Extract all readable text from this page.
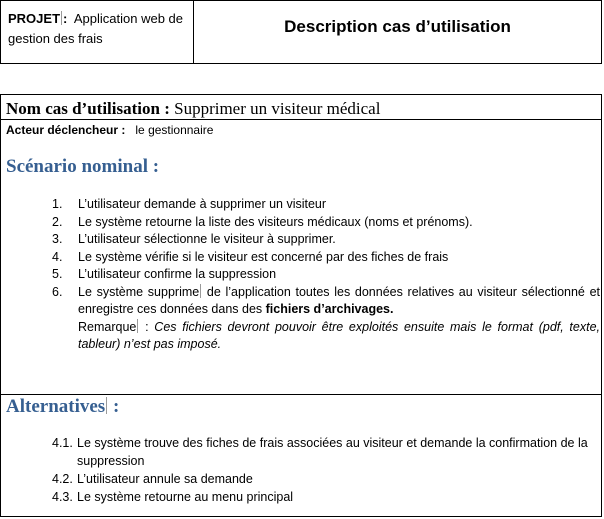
PROJET : Application web de gestion des frais
Description cas d’utilisation
Nom cas d’utilisation : Supprimer un visiteur médical
Acteur déclencheur : le gestionnaire
Scénario nominal :
1. L’utilisateur demande à supprimer un visiteur
2. Le système retourne la liste des visiteurs médicaux (noms et prénoms).
3. L’utilisateur sélectionne le visiteur à supprimer.
4. Le système vérifie si le visiteur est concerné par des fiches de frais
5. L’utilisateur confirme la suppression
6. Le système supprime de l’application toutes les données relatives au visiteur sélectionné et enregistre ces données dans des fichiers d’archivages.
Remarque : Ces fichiers devront pouvoir être exploités ensuite mais le format (pdf, texte, tableur) n’est pas imposé.
Alternatives :
4.1. Le système trouve des fiches de frais associées au visiteur et demande la confirmation de la suppression
4.2. L’utilisateur annule sa demande
4.3. Le système retourne au menu principal
